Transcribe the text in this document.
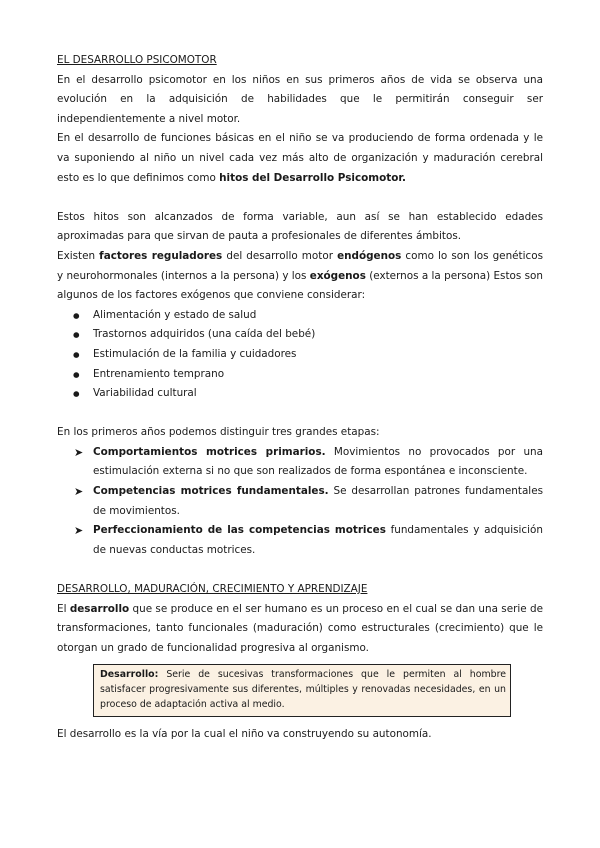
EL DESARROLLO PSICOMOTOR

En el desarrollo psicomotor en los niños en sus primeros años de vida se observa una evolución en la adquisición de habilidades que le permitirán conseguir ser independientemente a nivel motor.

En el desarrollo de funciones básicas en el niño se va produciendo de forma ordenada y le va suponiendo al niño un nivel cada vez más alto de organización y maduración cerebral esto es lo que definimos como hitos del Desarrollo Psicomotor.

Estos hitos son alcanzados de forma variable, aun así se han establecido edades aproximadas para que sirvan de pauta a profesionales de diferentes ámbitos.

Existen factores reguladores del desarrollo motor endógenos como lo son los genéticos y neurohormonales (internos a la persona) y los exógenos (externos a la persona) Estos son algunos de los factores exógenos que conviene considerar:

● Alimentación y estado de salud
● Trastornos adquiridos (una caída del bebé)
● Estimulación de la familia y cuidadores
● Entrenamiento temprano
● Variabilidad cultural

En los primeros años podemos distinguir tres grandes etapas:

➤ Comportamientos motrices primarios. Movimientos no provocados por una estimulación externa si no que son realizados de forma espontánea e inconsciente.
➤ Competencias motrices fundamentales. Se desarrollan patrones fundamentales de movimientos.
➤ Perfeccionamiento de las competencias motrices fundamentales y adquisición de nuevas conductas motrices.
DESARROLLO, MADURACIÓN, CRECIMIENTO Y APRENDIZAJE

El desarrollo que se produce en el ser humano es un proceso en el cual se dan una serie de transformaciones, tanto funcionales (maduración) como estructurales (crecimiento) que le otorgan un grado de funcionalidad progresiva al organismo.

Desarrollo: Serie de sucesivas transformaciones que le permiten al hombre satisfacer progresivamente sus diferentes, múltiples y renovadas necesidades, en un proceso de adaptación activa al medio.

El desarrollo es la vía por la cual el niño va construyendo su autonomía.
